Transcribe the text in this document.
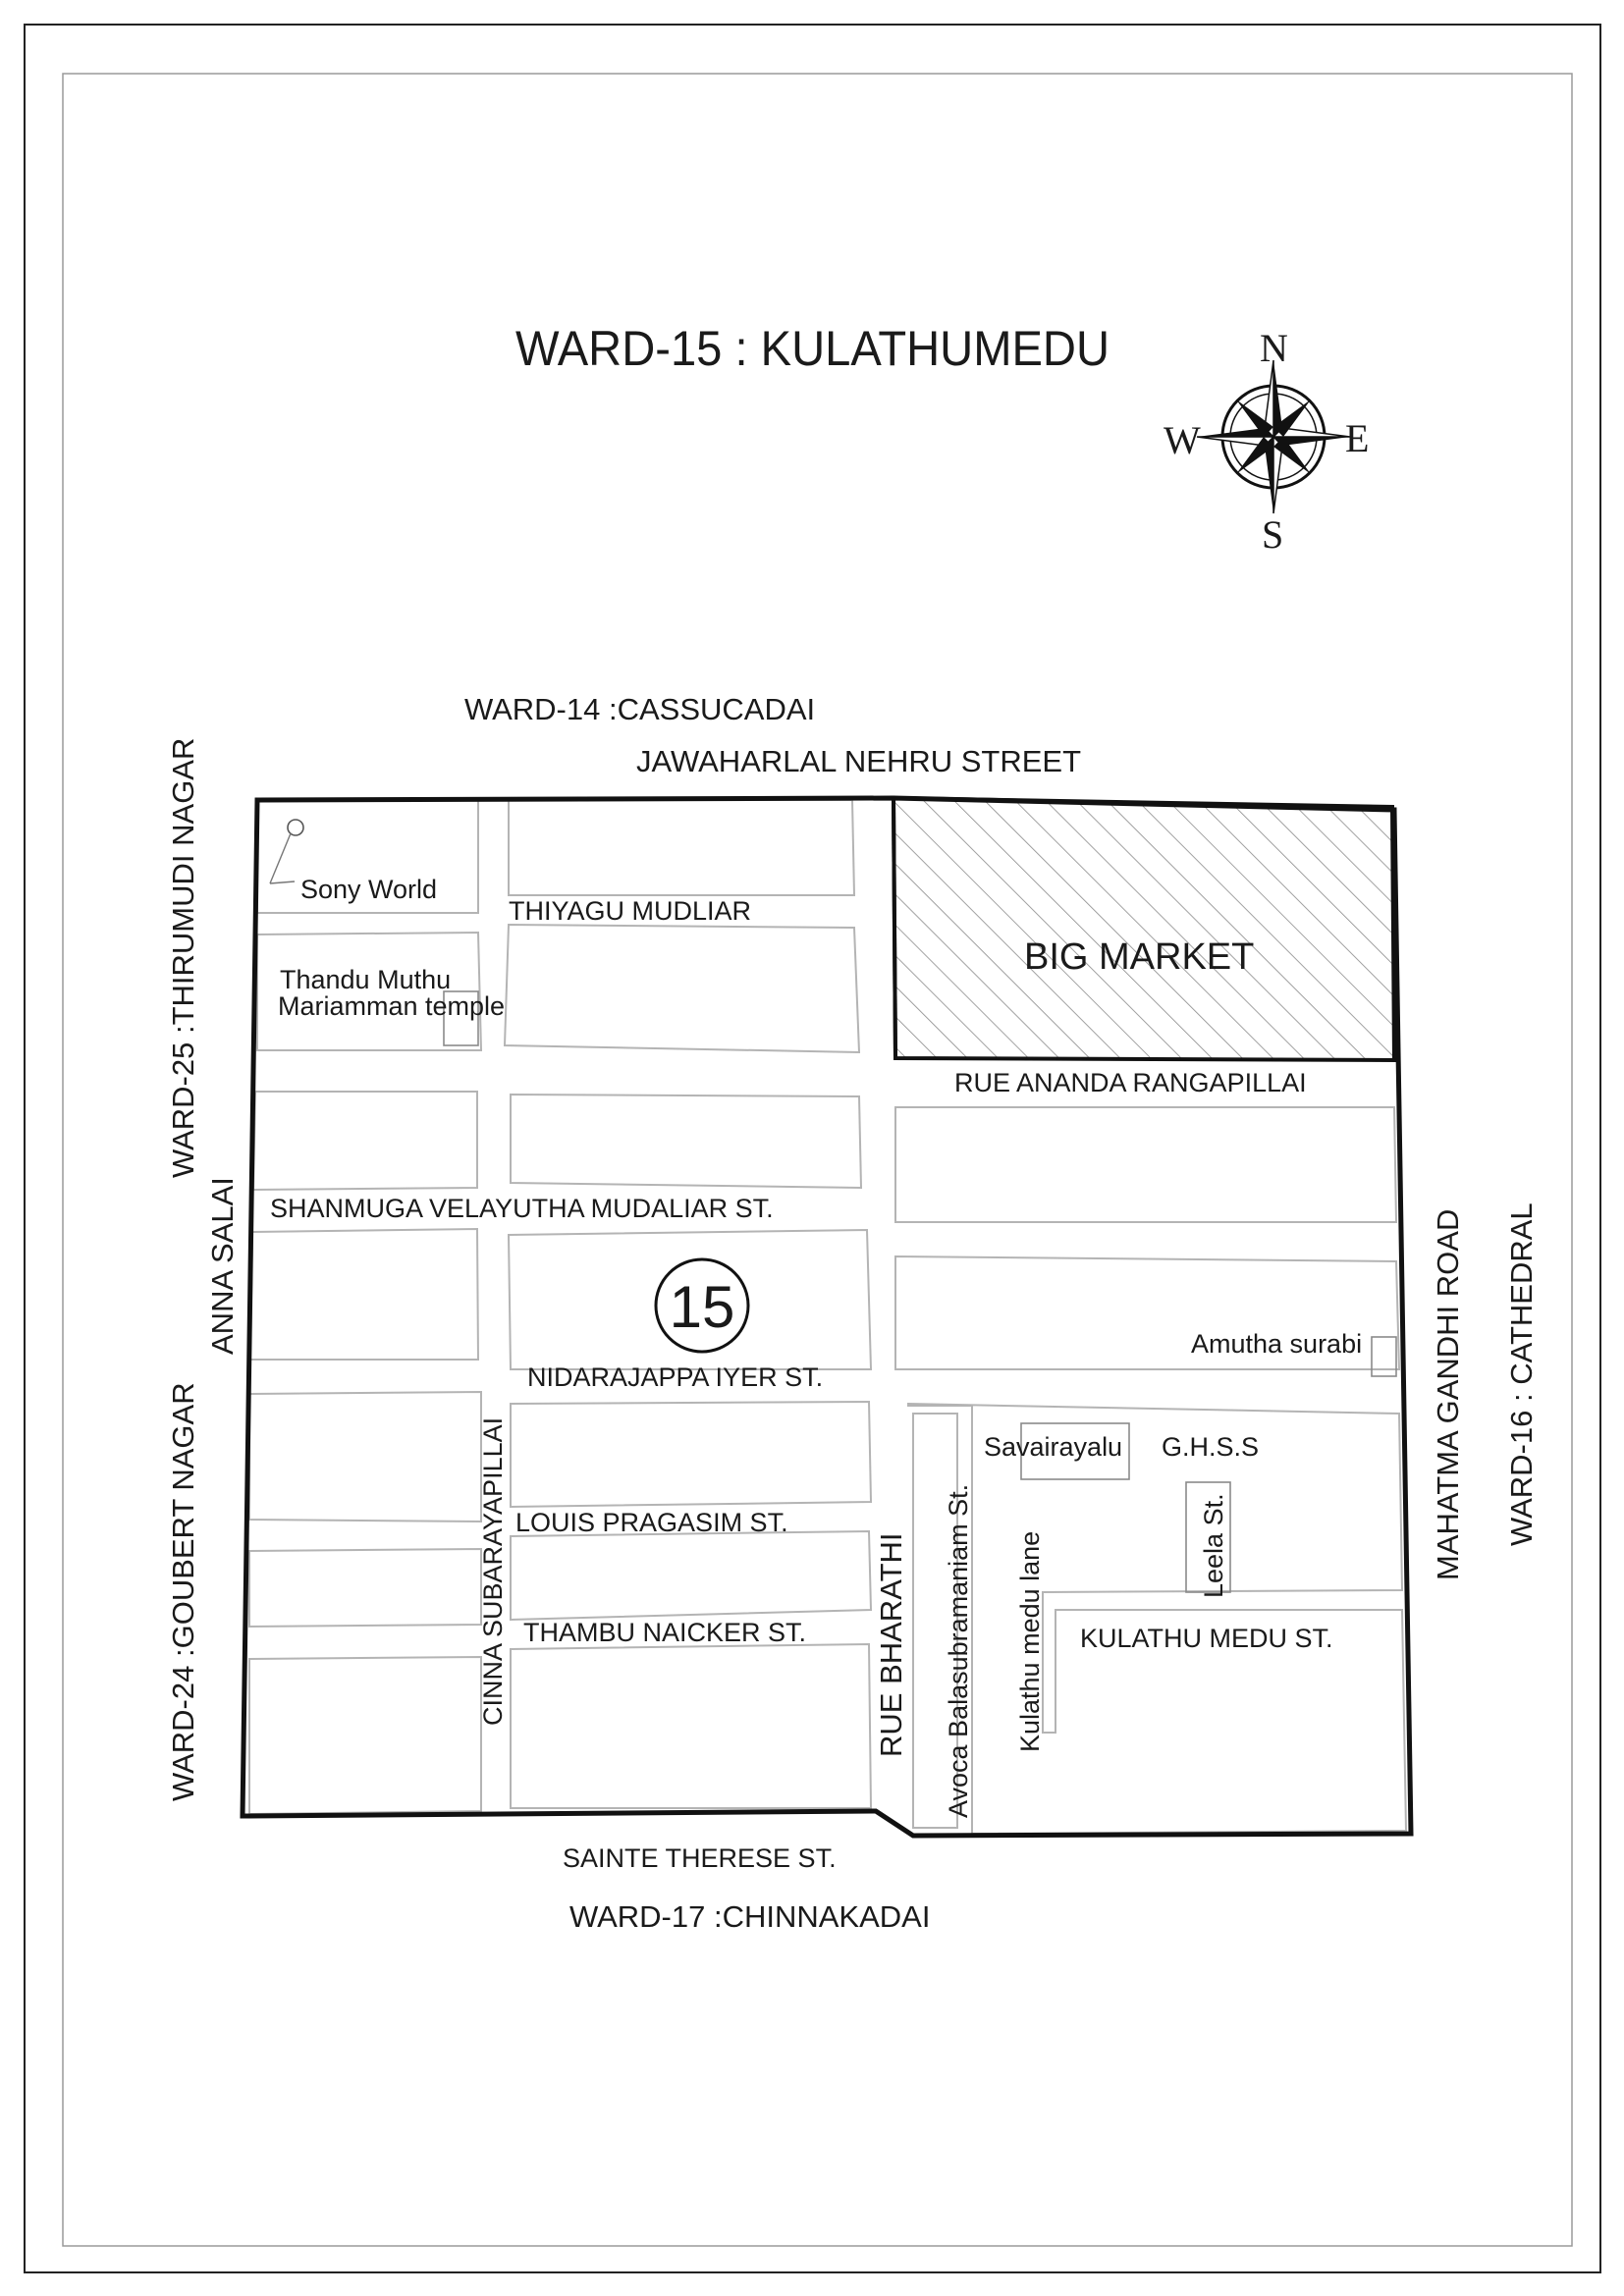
WARD-15 : KULATHUMEDU	N
S
E
W
WARD-14 :CASSUCADAI
WARD-17 :CHINNAKADAI
WARD-25 :THIRUMUDI NAGAR
WARD-24 :GOUBERT NAGAR
WARD-16 : CATHEDRAL
JAWAHARLAL NEHRU STREET
SAINTE THERESE ST.
ANNA SALAI	MAHATMA GANDHI ROAD
THIYAGU MUDLIAR
RUE ANANDA RANGAPILLAI
SHANMUGA VELAYUTHA MUDALIAR ST.
NIDARAJAPPA IYER ST.
LOUIS PRAGASIM ST.
THAMBU NAICKER ST.
CINNA SUBARAYAPILLAI	RUE BHARATHI Avoca Balasubramaniam St. Kulathu medu lane	Leela St.
KULATHU MEDU ST.
Sony World
Thandu Muthu
Mariamman temple
BIG MARKET
Amutha surabi
Savairayalu G.H.S.S
15
